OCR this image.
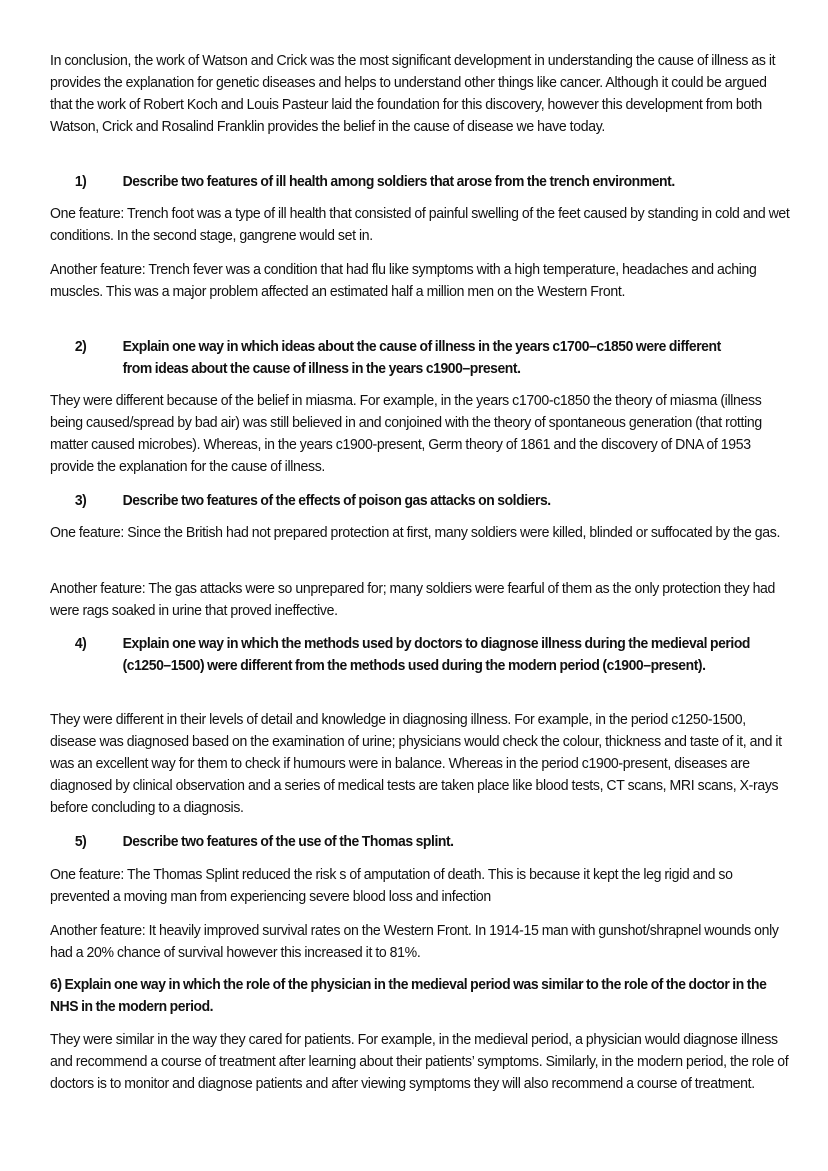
In conclusion, the work of Watson and Crick was the most significant development in understanding the cause of illness as it provides the explanation for genetic diseases and helps to understand other things like cancer. Although it could be argued that the work of Robert Koch and Louis Pasteur laid the foundation for this discovery, however this development from both Watson, Crick and Rosalind Franklin provides the belief in the cause of disease we have today.

1)	Describe two features of ill health among soldiers that arose from the trench environment.

One feature: Trench foot was a type of ill health that consisted of painful swelling of the feet caused by standing in cold and wet conditions. In the second stage, gangrene would set in.

Another feature: Trench fever was a condition that had flu like symptoms with a high temperature, headaches and aching muscles. This was a major problem affected an estimated half a million men on the Western Front.

2)	Explain one way in which ideas about the cause of illness in the years c1700–c1850 were different from ideas about the cause of illness in the years c1900–present.

They were different because of the belief in miasma. For example, in the years c1700-c1850 the theory of miasma (illness being caused/spread by bad air) was still believed in and conjoined with the theory of spontaneous generation (that rotting matter caused microbes). Whereas, in the years c1900-present, Germ theory of 1861 and the discovery of DNA of 1953 provide the explanation for the cause of illness.

3)	Describe two features of the effects of poison gas attacks on soldiers.

One feature: Since the British had not prepared protection at first, many soldiers were killed, blinded or suffocated by the gas.

Another feature: The gas attacks were so unprepared for; many soldiers were fearful of them as the only protection they had were rags soaked in urine that proved ineffective.

4)	Explain one way in which the methods used by doctors to diagnose illness during the medieval period (c1250–1500) were different from the methods used during the modern period (c1900–present).

They were different in their levels of detail and knowledge in diagnosing illness. For example, in the period c1250-1500, disease was diagnosed based on the examination of urine; physicians would check the colour, thickness and taste of it, and it was an excellent way for them to check if humours were in balance. Whereas in the period c1900-present, diseases are diagnosed by clinical observation and a series of medical tests are taken place like blood tests, CT scans, MRI scans, X-rays before concluding to a diagnosis.

5)	Describe two features of the use of the Thomas splint.

One feature: The Thomas Splint reduced the risk s of amputation of death. This is because it kept the leg rigid and so prevented a moving man from experiencing severe blood loss and infection

Another feature: It heavily improved survival rates on the Western Front. In 1914-15 man with gunshot/shrapnel wounds only had a 20% chance of survival however this increased it to 81%.

6) Explain one way in which the role of the physician in the medieval period was similar to the role of the doctor in the NHS in the modern period.

They were similar in the way they cared for patients. For example, in the medieval period, a physician would diagnose illness and recommend a course of treatment after learning about their patients’ symptoms. Similarly, in the modern period, the role of doctors is to monitor and diagnose patients and after viewing symptoms they will also recommend a course of treatment.
